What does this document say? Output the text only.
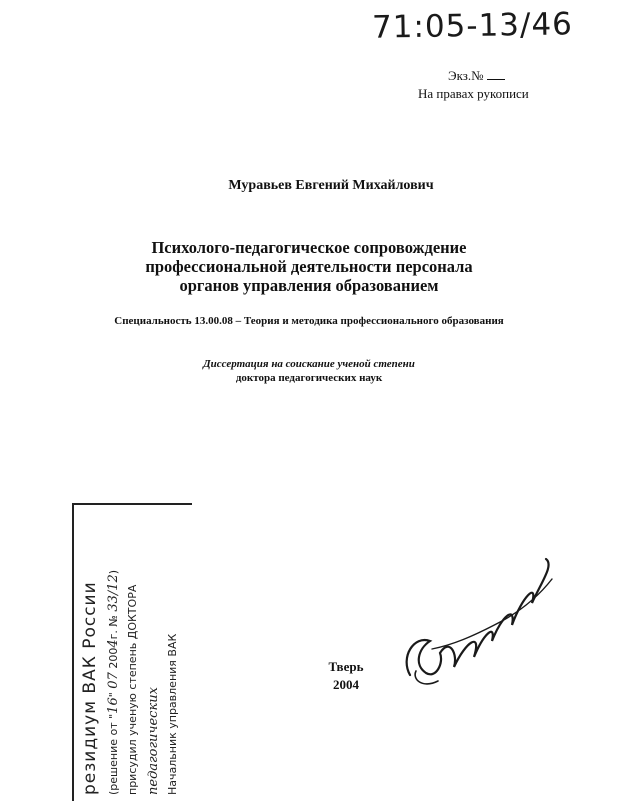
71:05-13/46
Экз.№
На правах рукописи
Муравьев Евгений Михайлович
Психолого-педагогическое сопровождение
профессиональной деятельности персонала
органов управления образованием
Специальность 13.00.08 – Теория и методика профессионального образования
Диссертация на соискание ученой степени
доктора педагогических наук
резидиум ВАК России (решение от "16" 07 2004г. № 33/12)
присудил ученую степень ДОКТОРА педагогических Начальник управления ВАК	Тверь
2004
